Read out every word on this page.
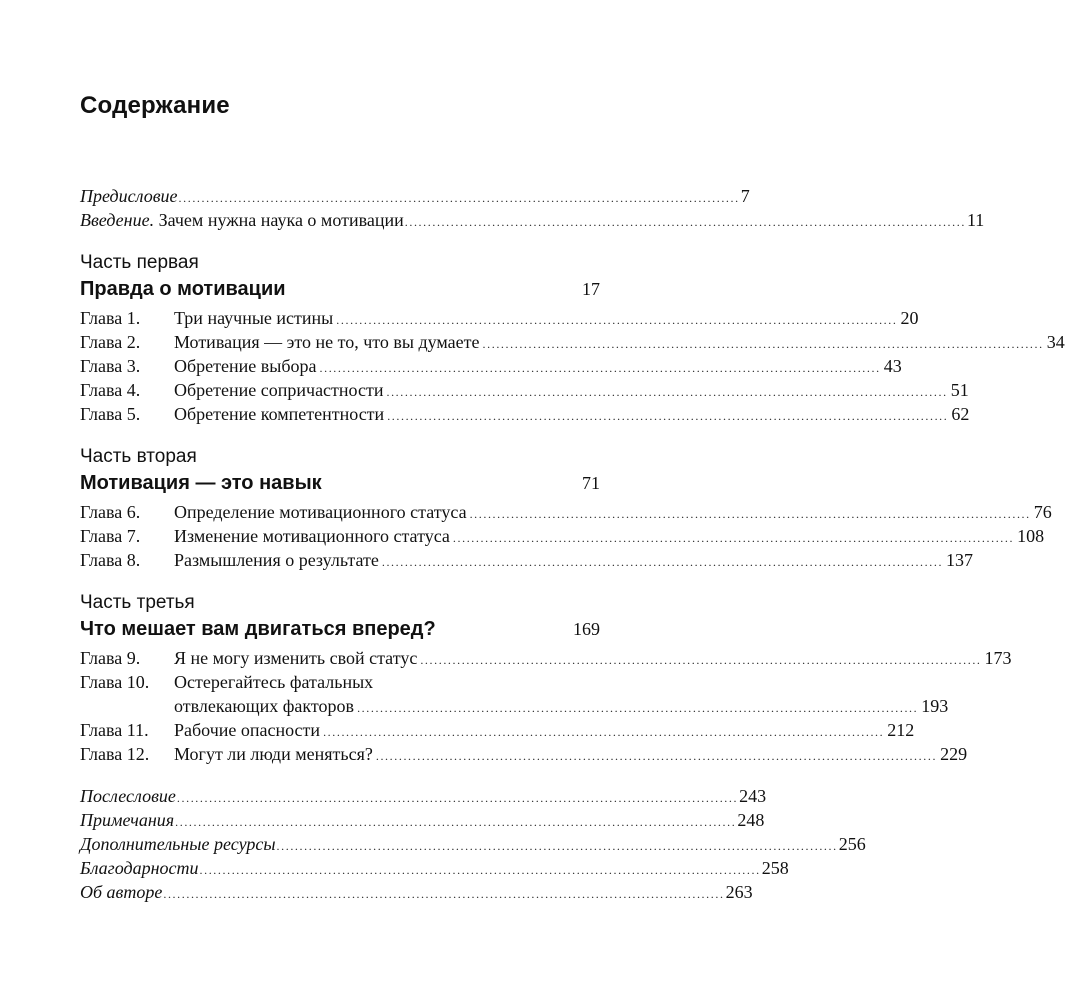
Содержание
Предисловие .......................................................................................................................... 7
Введение. Зачем нужна наука о мотивации .......................................................................................................................... 11
Часть первая
Правда о мотивации	17
Глава 1. Три научные истины .......................................................................................................................... 20
Глава 2. Мотивация — это не то, что вы думаете .......................................................................................................................... 34
Глава 3. Обретение выбора .......................................................................................................................... 43
Глава 4. Обретение сопричастности .......................................................................................................................... 51
Глава 5. Обретение компетентности .......................................................................................................................... 62
Часть вторая
Мотивация — это навык	71
Глава 6. Определение мотивационного статуса .......................................................................................................................... 76
Глава 7. Изменение мотивационного статуса .......................................................................................................................... 108
Глава 8. Размышления о результате .......................................................................................................................... 137
Часть третья
Что мешает вам двигаться вперед?	169
Глава 9. Я не могу изменить свой статус .......................................................................................................................... 173
Глава 10. Остерегайтесь фатальных
отвлекающих факторов .......................................................................................................................... 193
Глава 11. Рабочие опасности .......................................................................................................................... 212
Глава 12. Могут ли люди меняться? .......................................................................................................................... 229
Послесловие .......................................................................................................................... 243
Примечания .......................................................................................................................... 248
Дополнительные ресурсы .......................................................................................................................... 256
Благодарности .......................................................................................................................... 258
Об авторе .......................................................................................................................... 263
